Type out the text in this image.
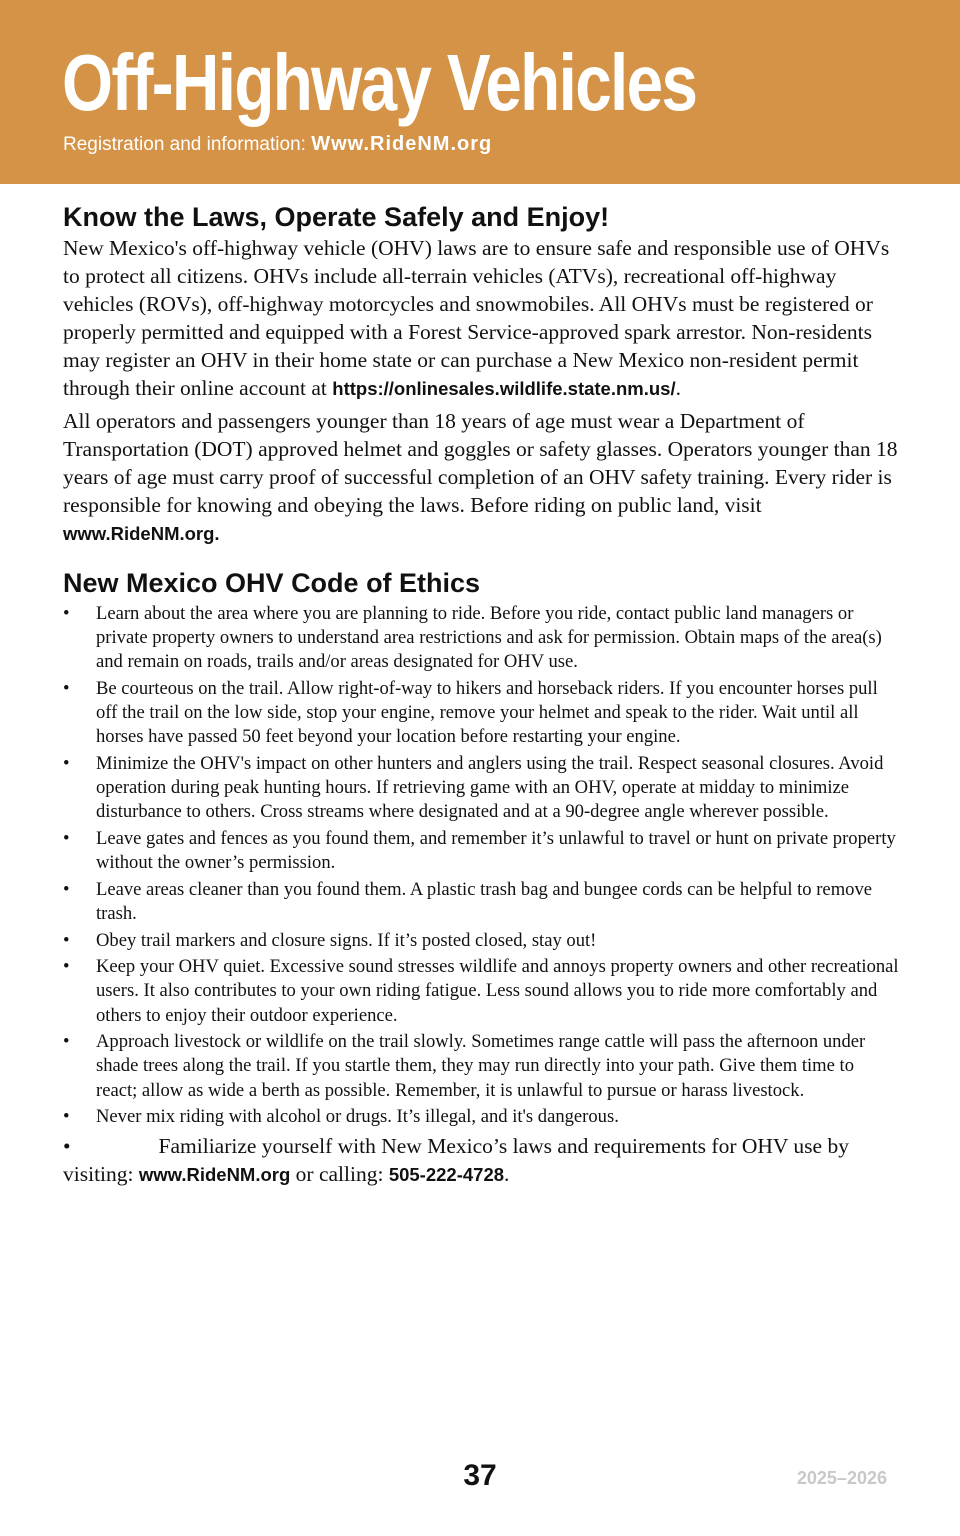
Off-Highway Vehicles
Registration and information: Www.RideNM.org
Know the Laws, Operate Safely and Enjoy!

New Mexico's off-highway vehicle (OHV) laws are to ensure safe and responsible use of OHVs to protect all citizens. OHVs include all-terrain vehicles (ATVs), recreational off-highway vehicles (ROVs), off-highway motorcycles and snowmobiles. All OHVs must be registered or properly permitted and equipped with a Forest Service-approved spark arrestor. Non-residents may register an OHV in their home state or can purchase a New Mexico non-resident permit through their online account at https://onlinesales.wildlife.state.nm.us/.

All operators and passengers younger than 18 years of age must wear a Department of Transportation (DOT) approved helmet and goggles or safety glasses. Operators younger than 18 years of age must carry proof of successful completion of an OHV safety training. Every rider is responsible for knowing and obeying the laws. Before riding on public land, visit www.RideNM.org.

New Mexico OHV Code of Ethics
• Learn about the area where you are planning to ride. Before you ride, contact public land managers or private property owners to understand area restrictions and ask for permission. Obtain maps of the area(s) and remain on roads, trails and/or areas designated for OHV use.
• Be courteous on the trail. Allow right-of-way to hikers and horseback riders. If you encounter horses pull off the trail on the low side, stop your engine, remove your helmet and speak to the rider. Wait until all horses have passed 50 feet beyond your location before restarting your engine.
• Minimize the OHV's impact on other hunters and anglers using the trail. Respect seasonal closures. Avoid operation during peak hunting hours. If retrieving game with an OHV, operate at midday to minimize disturbance to others. Cross streams where designated and at a 90-degree angle wherever possible.
• Leave gates and fences as you found them, and remember it’s unlawful to travel or hunt on private property without the owner’s permission.
• Leave areas cleaner than you found them. A plastic trash bag and bungee cords can be helpful to remove trash.
• Obey trail markers and closure signs. If it’s posted closed, stay out!
• Keep your OHV quiet. Excessive sound stresses wildlife and annoys property owners and other recreational users. It also contributes to your own riding fatigue. Less sound allows you to ride more comfortably and others to enjoy their outdoor experience.
• Approach livestock or wildlife on the trail slowly. Sometimes range cattle will pass the afternoon under shade trees along the trail. If you startle them, they may run directly into your path. Give them time to react; allow as wide a berth as possible. Remember, it is unlawful to pursue or harass livestock.
• Never mix riding with alcohol or drugs. It’s illegal, and it's dangerous.

•	Familiarize yourself with New Mexico’s laws and requirements for OHV use by visiting: www.RideNM.org or calling: 505-222-4728.

37	2025–2026
